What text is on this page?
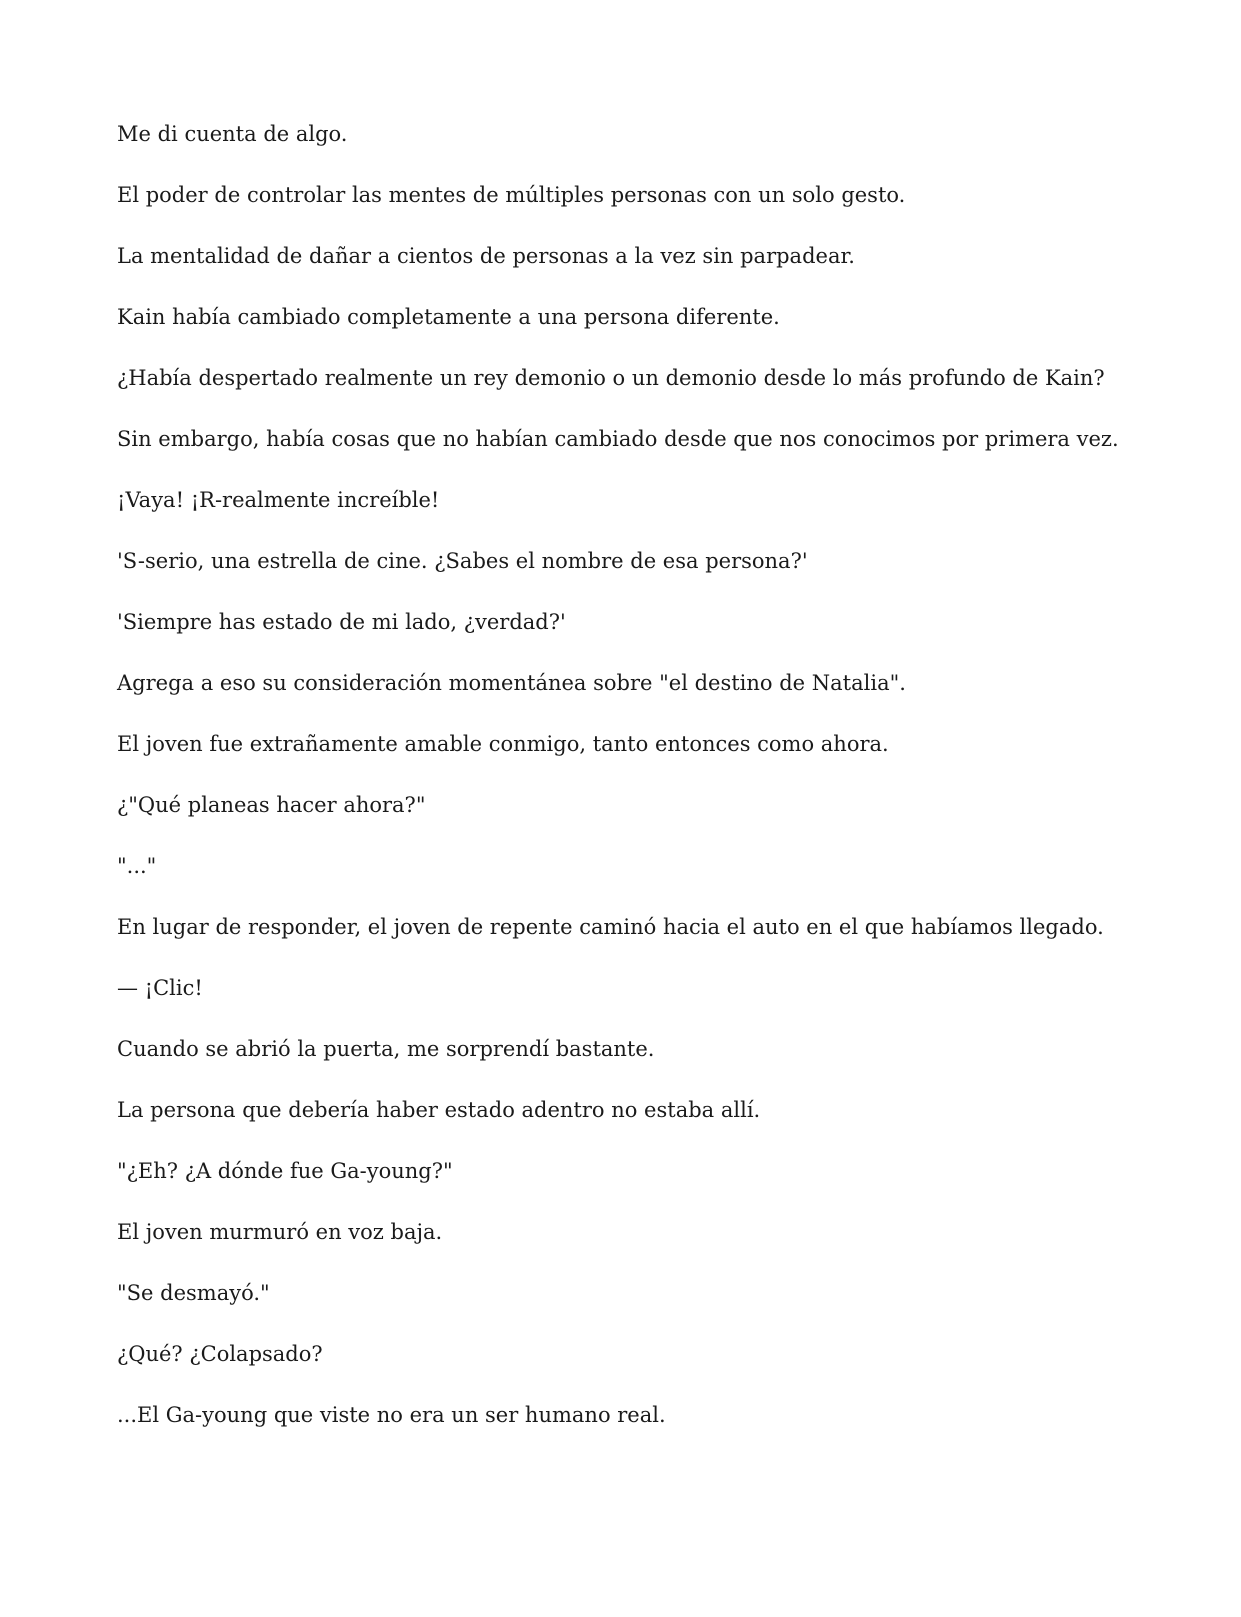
Me di cuenta de algo.

El poder de controlar las mentes de múltiples personas con un solo gesto.

La mentalidad de dañar a cientos de personas a la vez sin parpadear.

Kain había cambiado completamente a una persona diferente.

¿Había despertado realmente un rey demonio o un demonio desde lo más profundo de Kain?

Sin embargo, había cosas que no habían cambiado desde que nos conocimos por primera vez.

¡Vaya! ¡R-realmente increíble!

'S-serio, una estrella de cine. ¿Sabes el nombre de esa persona?'

'Siempre has estado de mi lado, ¿verdad?'

Agrega a eso su consideración momentánea sobre "el destino de Natalia".

El joven fue extrañamente amable conmigo, tanto entonces como ahora.

¿"Qué planeas hacer ahora?"

"..."

En lugar de responder, el joven de repente caminó hacia el auto en el que habíamos llegado.

— ¡Clic!

Cuando se abrió la puerta, me sorprendí bastante.

La persona que debería haber estado adentro no estaba allí.

"¿Eh? ¿A dónde fue Ga-young?"

El joven murmuró en voz baja.

"Se desmayó."

¿Qué? ¿Colapsado?

...El Ga-young que viste no era un ser humano real.
